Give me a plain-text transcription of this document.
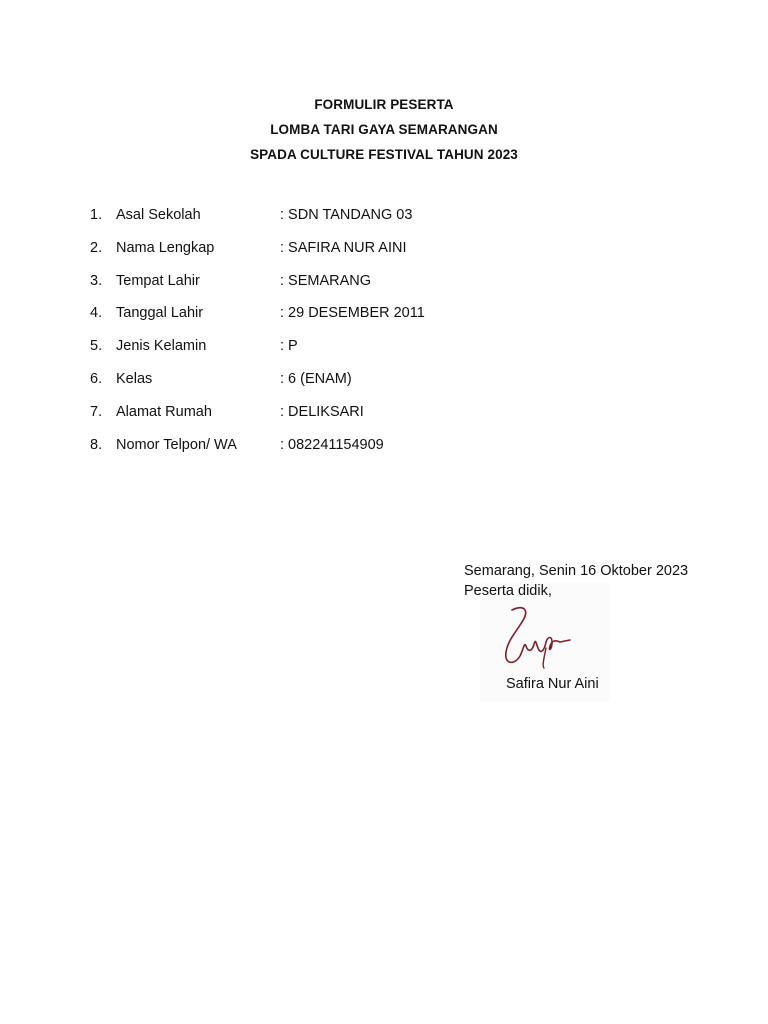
FORMULIR PESERTA
LOMBA TARI GAYA SEMARANGAN
SPADA CULTURE FESTIVAL TAHUN 2023
1. Asal Sekolah	: SDN TANDANG 03
2. Nama Lengkap	: SAFIRA NUR AINI
3. Tempat Lahir	: SEMARANG
4. Tanggal Lahir	: 29 DESEMBER 2011
5. Jenis Kelamin	: P
6. Kelas	: 6 (ENAM)
7. Alamat Rumah	: DELIKSARI
8. Nomor Telpon/ WA	: 082241154909
Semarang, Senin 16 Oktober 2023
Peserta didik,
Safira Nur Aini
